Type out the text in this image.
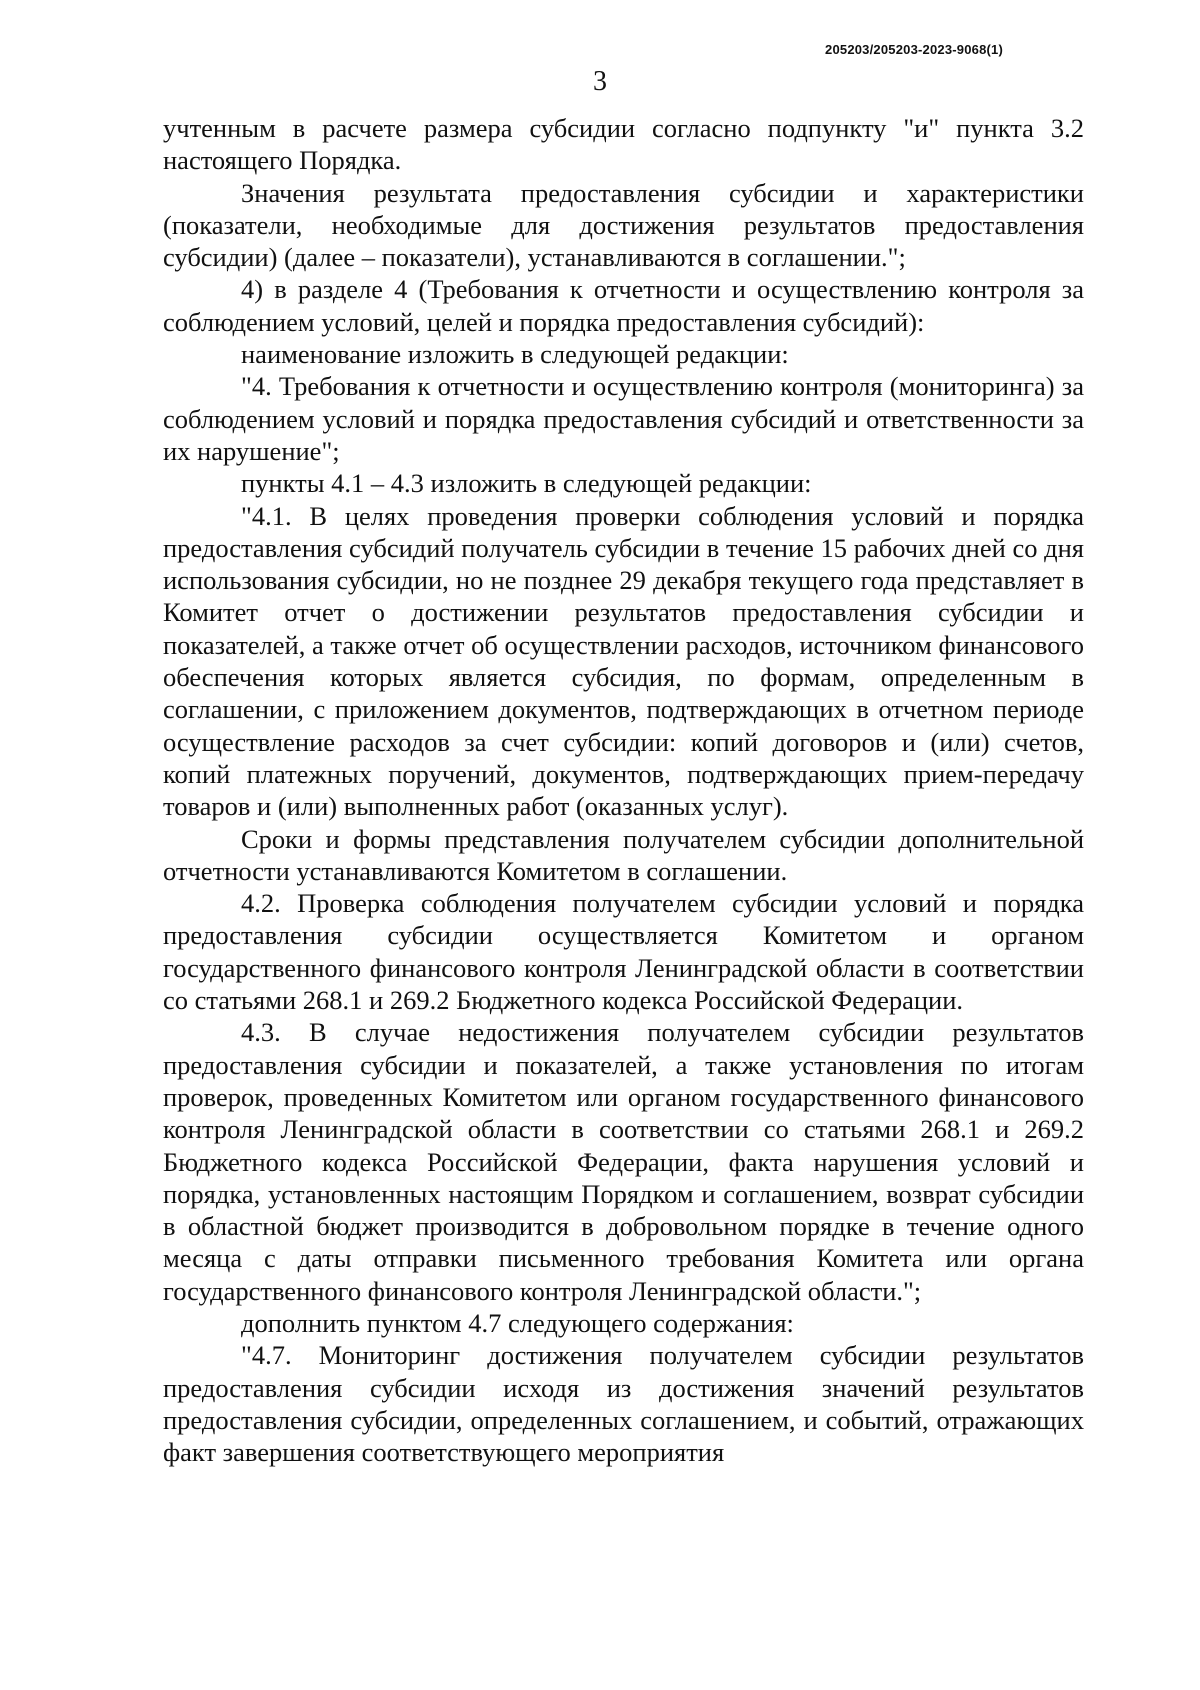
205203/205203-2023-9068(1)
3

учтенным в расчете размера субсидии согласно подпункту "и" пункта 3.2 настоящего Порядка.

Значения результата предоставления субсидии и характеристики (показатели, необходимые для достижения результатов предоставления субсидии) (далее – показатели), устанавливаются в соглашении.";

4) в разделе 4 (Требования к отчетности и осуществлению контроля за соблюдением условий, целей и порядка предоставления субсидий):

наименование изложить в следующей редакции:

"4. Требования к отчетности и осуществлению контроля (мониторинга) за соблюдением условий и порядка предоставления субсидий и ответственности за их нарушение";

пункты 4.1 – 4.3 изложить в следующей редакции:

"4.1. В целях проведения проверки соблюдения условий и порядка предоставления субсидий получатель субсидии в течение 15 рабочих дней со дня использования субсидии, но не позднее 29 декабря текущего года представляет в Комитет отчет о достижении результатов предоставления субсидии и показателей, а также отчет об осуществлении расходов, источником финансового обеспечения которых является субсидия, по формам, определенным в соглашении, с приложением документов, подтверждающих в отчетном периоде осуществление расходов за счет субсидии: копий договоров и (или) счетов, копий платежных поручений, документов, подтверждающих прием-передачу товаров и (или) выполненных работ (оказанных услуг).

Сроки и формы представления получателем субсидии дополнительной отчетности устанавливаются Комитетом в соглашении.

4.2. Проверка соблюдения получателем субсидии условий и порядка предоставления субсидии осуществляется Комитетом и органом государственного финансового контроля Ленинградской области в соответствии со статьями 268.1 и 269.2 Бюджетного кодекса Российской Федерации.

4.3. В случае недостижения получателем субсидии результатов предоставления субсидии и показателей, а также установления по итогам проверок, проведенных Комитетом или органом государственного финансового контроля Ленинградской области в соответствии со статьями 268.1 и 269.2 Бюджетного кодекса Российской Федерации, факта нарушения условий и порядка, установленных настоящим Порядком и соглашением, возврат субсидии в областной бюджет производится в добровольном порядке в течение одного месяца с даты отправки письменного требования Комитета или органа государственного финансового контроля Ленинградской области.";

дополнить пунктом 4.7 следующего содержания:

"4.7. Мониторинг достижения получателем субсидии результатов предоставления субсидии исходя из достижения значений результатов предоставления субсидии, определенных соглашением, и событий, отражающих факт завершения соответствующего мероприятия
